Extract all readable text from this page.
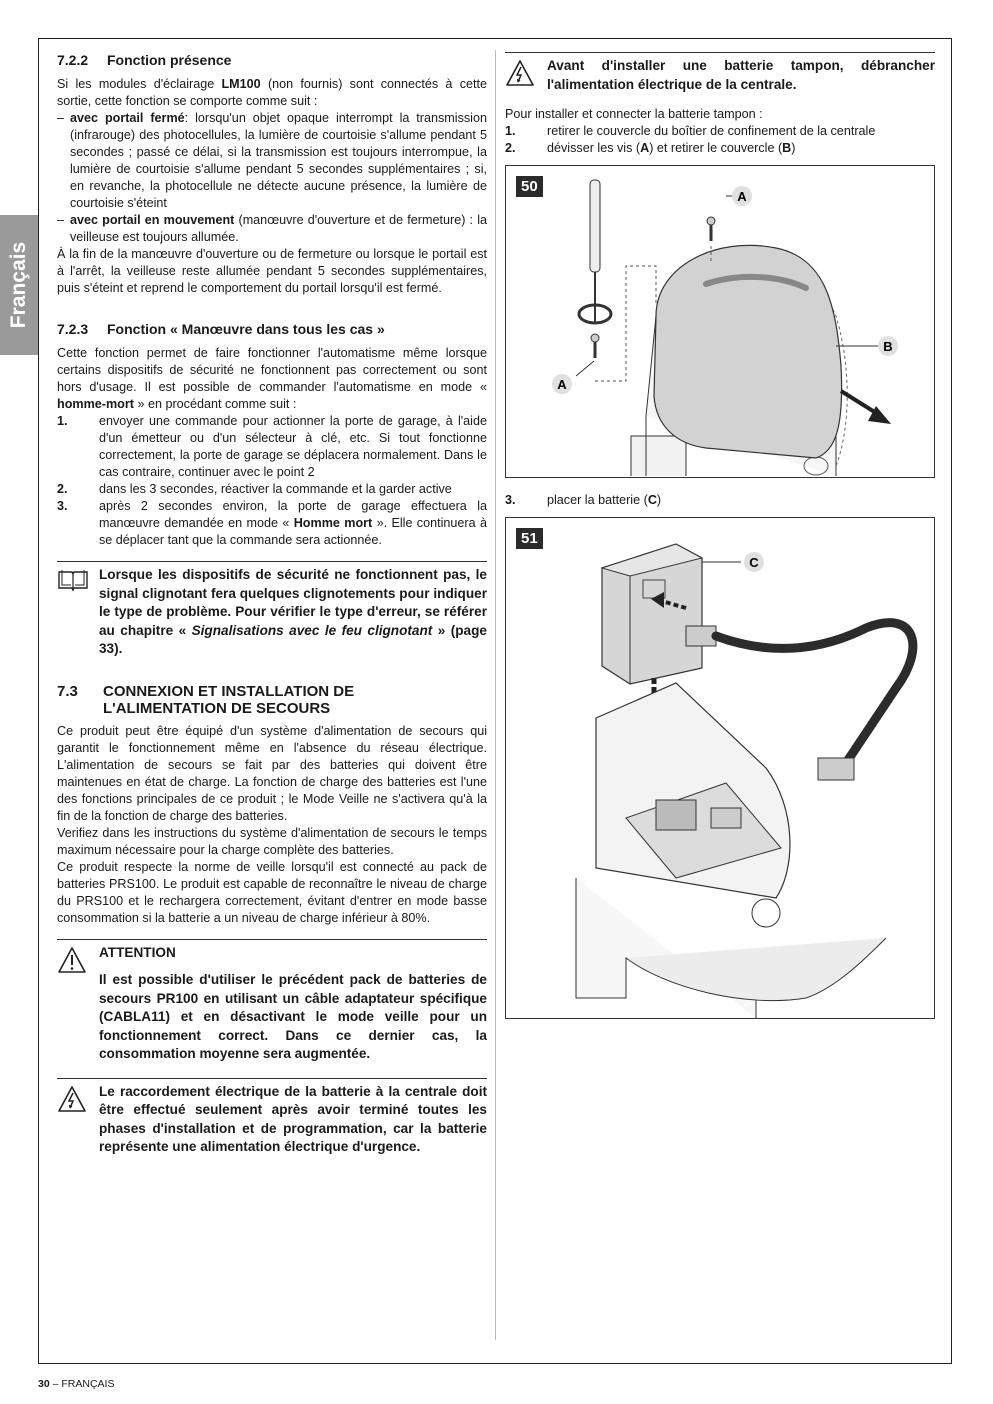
Français
7.2.2	Fonction présence

Si les modules d'éclairage LM100 (non fournis) sont connectés à cette sortie, cette fonction se comporte comme suit :

– avec portail fermé: lorsqu'un objet opaque interrompt la transmission (infrarouge) des photocellules, la lumière de courtoisie s'allume pendant 5 secondes ; passé ce délai, si la transmission est toujours interrompue, la lumière de courtoisie s'allume pendant 5 secondes supplémentaires ; si, en revanche, la photocellule ne détecte aucune présence, la lumière de courtoisie s'éteint
– avec portail en mouvement (manœuvre d'ouverture et de fermeture) : la veilleuse est toujours allumée.

À la fin de la manœuvre d'ouverture ou de fermeture ou lorsque le portail est à l'arrêt, la veilleuse reste allumée pendant 5 secondes supplémentaires, puis s'éteint et reprend le comportement du portail lorsqu'il est fermé.

7.2.3	Fonction « Manœuvre dans tous les cas »

Cette fonction permet de faire fonctionner l'automatisme même lorsque certains dispositifs de sécurité ne fonctionnent pas correctement ou sont hors d'usage. Il est possible de commander l'automatisme en mode « homme-mort » en procédant comme suit :

1.	envoyer une commande pour actionner la porte de garage, à l'aide d'un émetteur ou d'un sélecteur à clé, etc. Si tout fonctionne correctement, la porte de garage se déplacera normalement. Dans le cas contraire, continuer avec le point 2
2.	dans les 3 secondes, réactiver la commande et la garder active
3.	après 2 secondes environ, la porte de garage effectuera la manœuvre demandée en mode « Homme mort ». Elle continuera à se déplacer tant que la commande sera actionnée.
Lorsque les dispositifs de sécurité ne fonctionnent pas, le signal clignotant fera quelques clignotements pour indiquer le type de problème. Pour vérifier le type d'erreur, se référer au chapitre « Signalisations avec le feu clignotant » (page 33).
7.3	CONNEXION ET INSTALLATION DE L'ALIMENTATION DE SECOURS

Ce produit peut être équipé d'un système d'alimentation de secours qui garantit le fonctionnement même en l'absence du réseau électrique. L'alimentation de secours se fait par des batteries qui doivent être maintenues en état de charge. La fonction de charge des batteries est l'une des fonctions principales de ce produit ; le Mode Veille ne s'activera qu'à la fin de la fonction de charge des batteries.

Verifiez dans les instructions du système d'alimentation de secours le temps maximum nécessaire pour la charge complète des batteries.

Ce produit respecte la norme de veille lorsqu'il est connecté au pack de batteries PRS100. Le produit est capable de reconnaître le niveau de charge du PRS100 et le rechargera correctement, évitant d'entrer en mode basse consommation si la batterie a un niveau de charge inférieur à 80%.

ATTENTION
Il est possible d'utiliser le précédent pack de batteries de secours PR100 en utilisant un câble adaptateur spécifique (CABLA11) et en désactivant le mode veille pour un fonctionnement correct. Dans ce dernier cas, la consommation moyenne sera augmentée.
Le raccordement électrique de la batterie à la centrale doit être effectué seulement après avoir terminé toutes les phases d'installation et de programmation, car la batterie représente une alimentation électrique d'urgence.
Avant d'installer une batterie tampon, débrancher l'alimentation électrique de la centrale.

Pour installer et connecter la batterie tampon :

1.	retirer le couvercle du boîtier de confinement de la centrale
2.	dévisser les vis (A) et retirer le couvercle (B)
50
A
B
A
3.	placer la batterie (C)
51
C
30 – FRANÇAIS
